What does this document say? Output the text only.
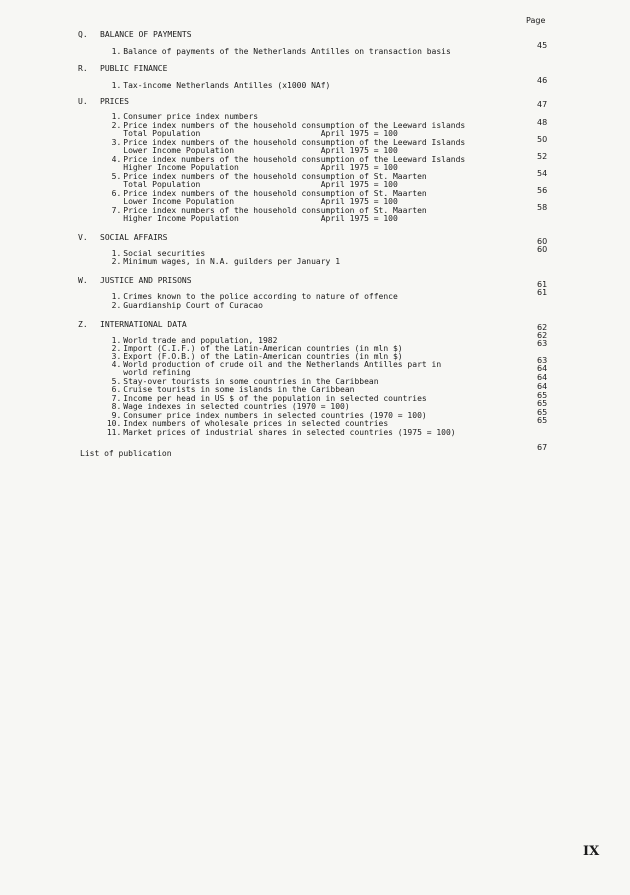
Page
Q. BALANCE OF PAYMENTS

1. Balance of payments of the Netherlands Antilles on transaction basis

45
R. PUBLIC FINANCE

1. Tax-income Netherlands Antilles (x1000 NAf)
	46
U. PRICES

1. Consumer price index numbers

47

2. Price index numbers of the household consumption of the Leeward islands

Total Population                         April 1975 = 100

48

3. Price index numbers of the household consumption of the Leeward Islands

Lower Income Population                  April 1975 = 100

50

4. Price index numbers of the household consumption of the Leeward Islands

Higher Income Population                 April 1975 = 100

52

5. Price index numbers of the household consumption of St. Maarten

Total Population                         April 1975 = 100

54

6. Price index numbers of the household consumption of St. Maarten

Lower Income Population                  April 1975 = 100

56

7. Price index numbers of the household consumption of St. Maarten

Higher Income Population                 April 1975 = 100

58
V. SOCIAL AFFAIRS

1. Social securities

60

2. Minimum wages, in N.A. guilders per January 1

60
W. JUSTICE AND PRISONS

1. Crimes known to the police according to nature of offence

61

2. Guardianship Court of Curacao

61
Z. INTERNATIONAL DATA

1. World trade and population, 1982

62

2. Import (C.I.F.) of the Latin-American countries (in mln $)

62

3. Export (F.O.B.) of the Latin-American countries (in mln $)

63

4. World production of crude oil and the Netherlands Antilles part in

world refining

63

5. Stay-over tourists in some countries in the Caribbean

64

6. Cruise tourists in some islands in the Caribbean

64

7. Income per head in US $ of the population in selected countries

64

8. Wage indexes in selected countries (1970 = 100)

65

9. Consumer price index numbers in selected countries (1970 = 100)

65

10. Index numbers of wholesale prices in selected countries

65

11. Market prices of industrial shares in selected countries (1975 = 100)

65
List of publication
67
IX
